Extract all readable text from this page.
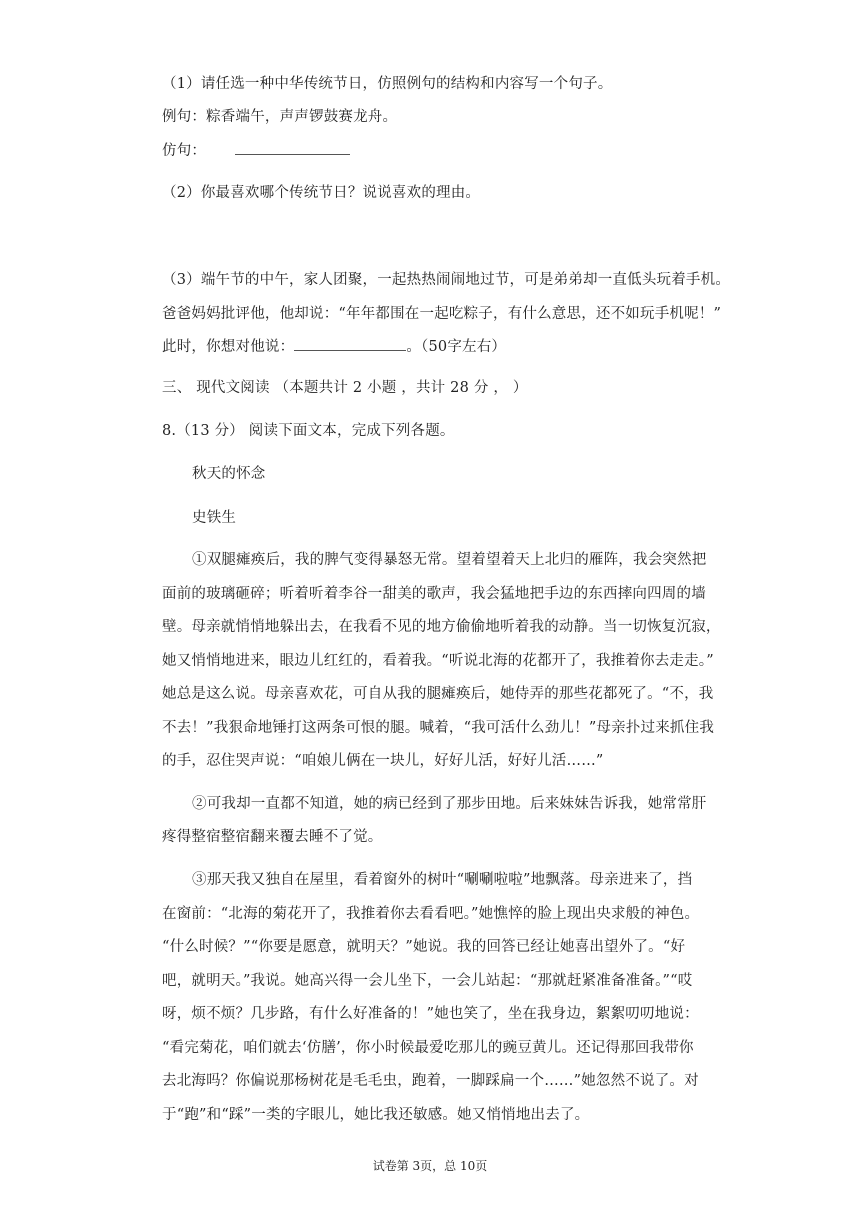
（1）请任选一种中华传统节日，仿照例句的结构和内容写一个句子。
例句：粽香端午，声声锣鼓赛龙舟。
仿句：
（2）你最喜欢哪个传统节日？说说喜欢的理由。
（3）端午节的中午，家人团聚，一起热热闹闹地过节，可是弟弟却一直低头玩着手机。
爸爸妈妈批评他，他却说：“年年都围在一起吃粽子，有什么意思，还不如玩手机呢！”
此时，你想对他说：	。（50字左右）
三、 现代文阅读 （本题共计 2 小题 ，共计 28 分 ， ）
8.（13 分） 阅读下面文本，完成下列各题。
秋天的怀念
史铁生
①双腿瘫痪后，我的脾气变得暴怒无常。望着望着天上北归的雁阵，我会突然把
面前的玻璃砸碎；听着听着李谷一甜美的歌声，我会猛地把手边的东西摔向四周的墙
壁。母亲就悄悄地躲出去，在我看不见的地方偷偷地听着我的动静。当一切恢复沉寂，
她又悄悄地进来，眼边儿红红的，看着我。“听说北海的花都开了，我推着你去走走。”
她总是这么说。母亲喜欢花，可自从我的腿瘫痪后，她侍弄的那些花都死了。“不，我
不去！”我狠命地锤打这两条可恨的腿。喊着，“我可活什么劲儿！”母亲扑过来抓住我
的手，忍住哭声说：“咱娘儿俩在一块儿，好好儿活，好好儿活……”
②可我却一直都不知道，她的病已经到了那步田地。后来妹妹告诉我，她常常肝
疼得整宿整宿翻来覆去睡不了觉。
③那天我又独自在屋里，看着窗外的树叶“唰唰啦啦”地飘落。母亲进来了，挡
在窗前：“北海的菊花开了，我推着你去看看吧。”她憔悴的脸上现出央求般的神色。
“什么时候？”“你要是愿意，就明天？”她说。我的回答已经让她喜出望外了。“好
吧，就明天。”我说。她高兴得一会儿坐下，一会儿站起：“那就赶紧准备准备。”“哎
呀，烦不烦？几步路，有什么好准备的！”她也笑了，坐在我身边，絮絮叨叨地说：
“看完菊花，咱们就去‘仿膳’，你小时候最爱吃那儿的豌豆黄儿。还记得那回我带你
去北海吗？你偏说那杨树花是毛毛虫，跑着，一脚踩扁一个……”她忽然不说了。对
于“跑”和“踩”一类的字眼儿，她比我还敏感。她又悄悄地出去了。
试卷第 3页，总 10页
